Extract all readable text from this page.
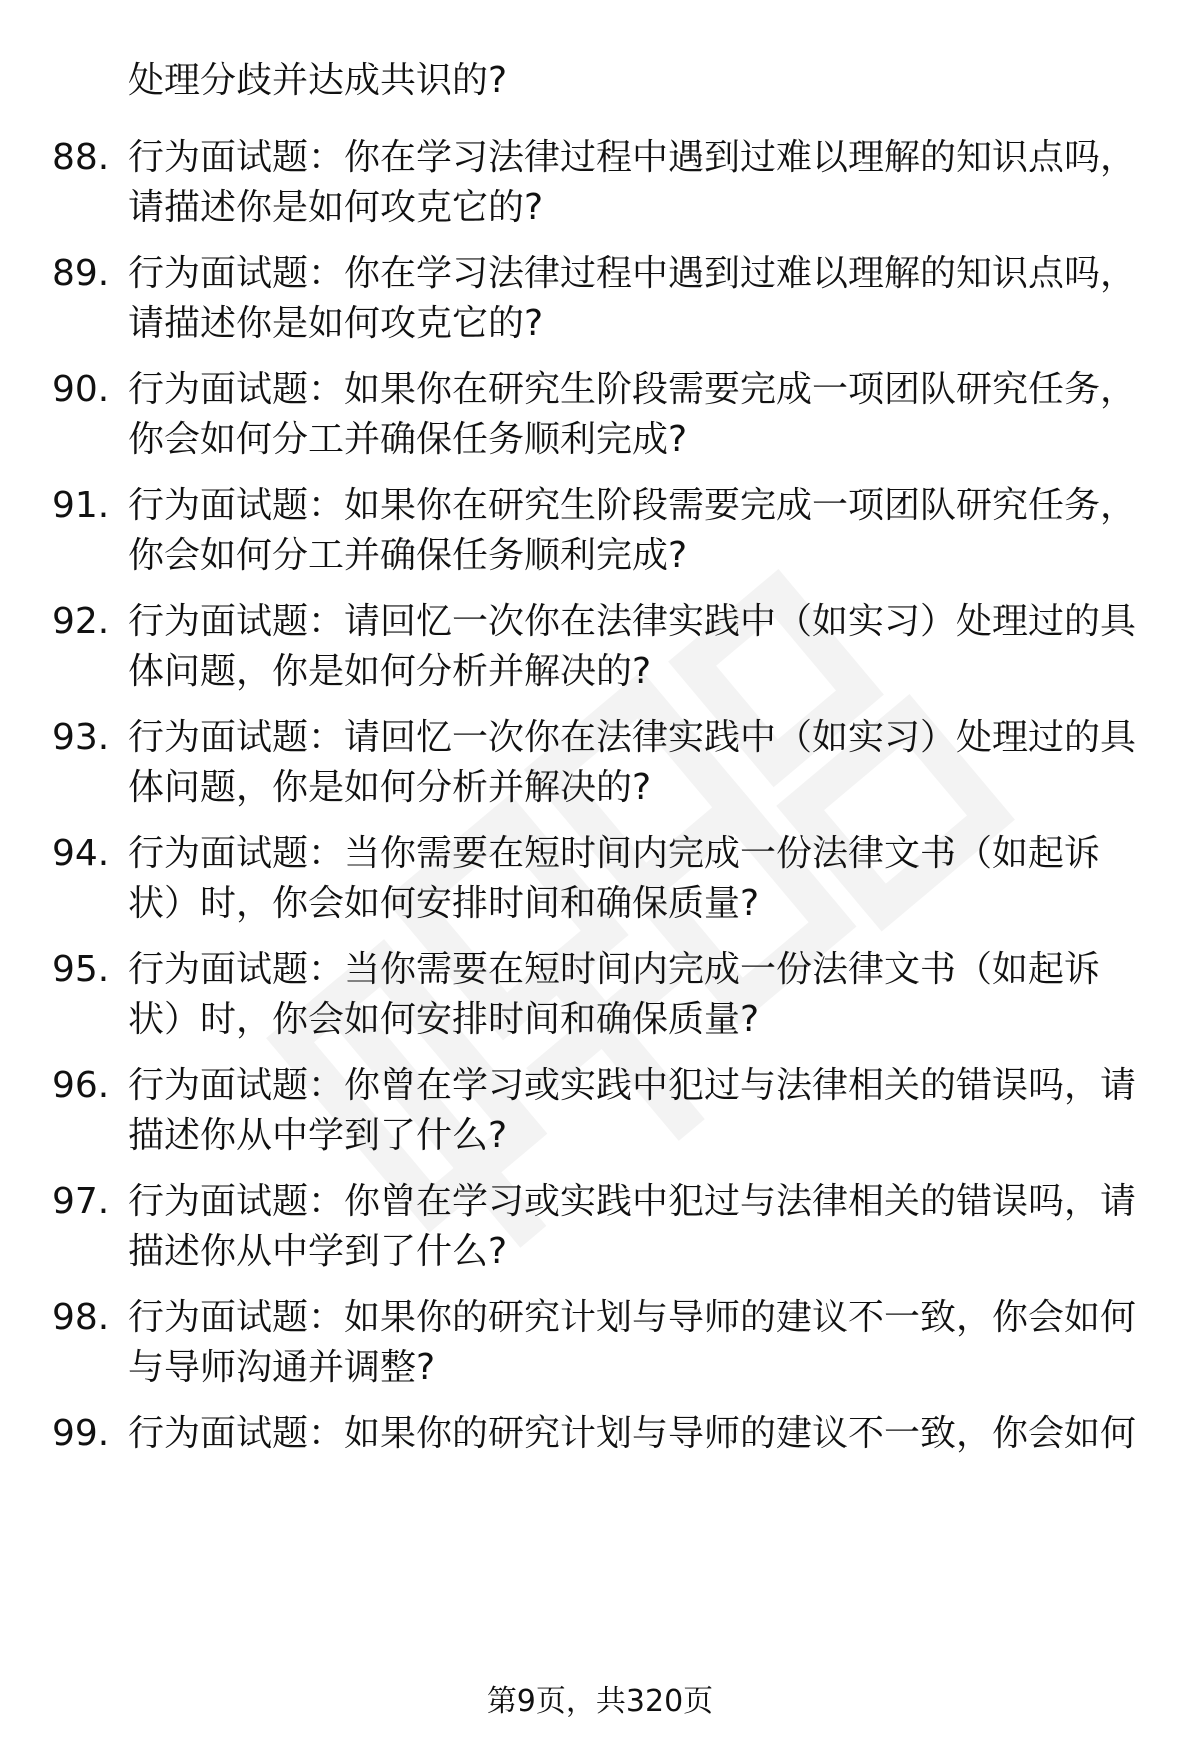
处理分歧并达成共识的?
88. 行为面试题：你在学习法律过程中遇到过难以理解的知识点吗，
请描述你是如何攻克它的?
89. 行为面试题：你在学习法律过程中遇到过难以理解的知识点吗，
请描述你是如何攻克它的?
90. 行为面试题：如果你在研究生阶段需要完成一项团队研究任务，
你会如何分工并确保任务顺利完成?
91. 行为面试题：如果你在研究生阶段需要完成一项团队研究任务，
你会如何分工并确保任务顺利完成?
92. 行为面试题：请回忆一次你在法律实践中（如实习）处理过的具
体问题，你是如何分析并解决的?
93. 行为面试题：请回忆一次你在法律实践中（如实习）处理过的具
体问题，你是如何分析并解决的?
94. 行为面试题：当你需要在短时间内完成一份法律文书（如起诉
状）时，你会如何安排时间和确保质量?
95. 行为面试题：当你需要在短时间内完成一份法律文书（如起诉
状）时，你会如何安排时间和确保质量?
96. 行为面试题：你曾在学习或实践中犯过与法律相关的错误吗，请
描述你从中学到了什么?
97. 行为面试题：你曾在学习或实践中犯过与法律相关的错误吗，请
描述你从中学到了什么?
98. 行为面试题：如果你的研究计划与导师的建议不一致，你会如何
与导师沟通并调整?
99. 行为面试题：如果你的研究计划与导师的建议不一致，你会如何
第9页，共320页
